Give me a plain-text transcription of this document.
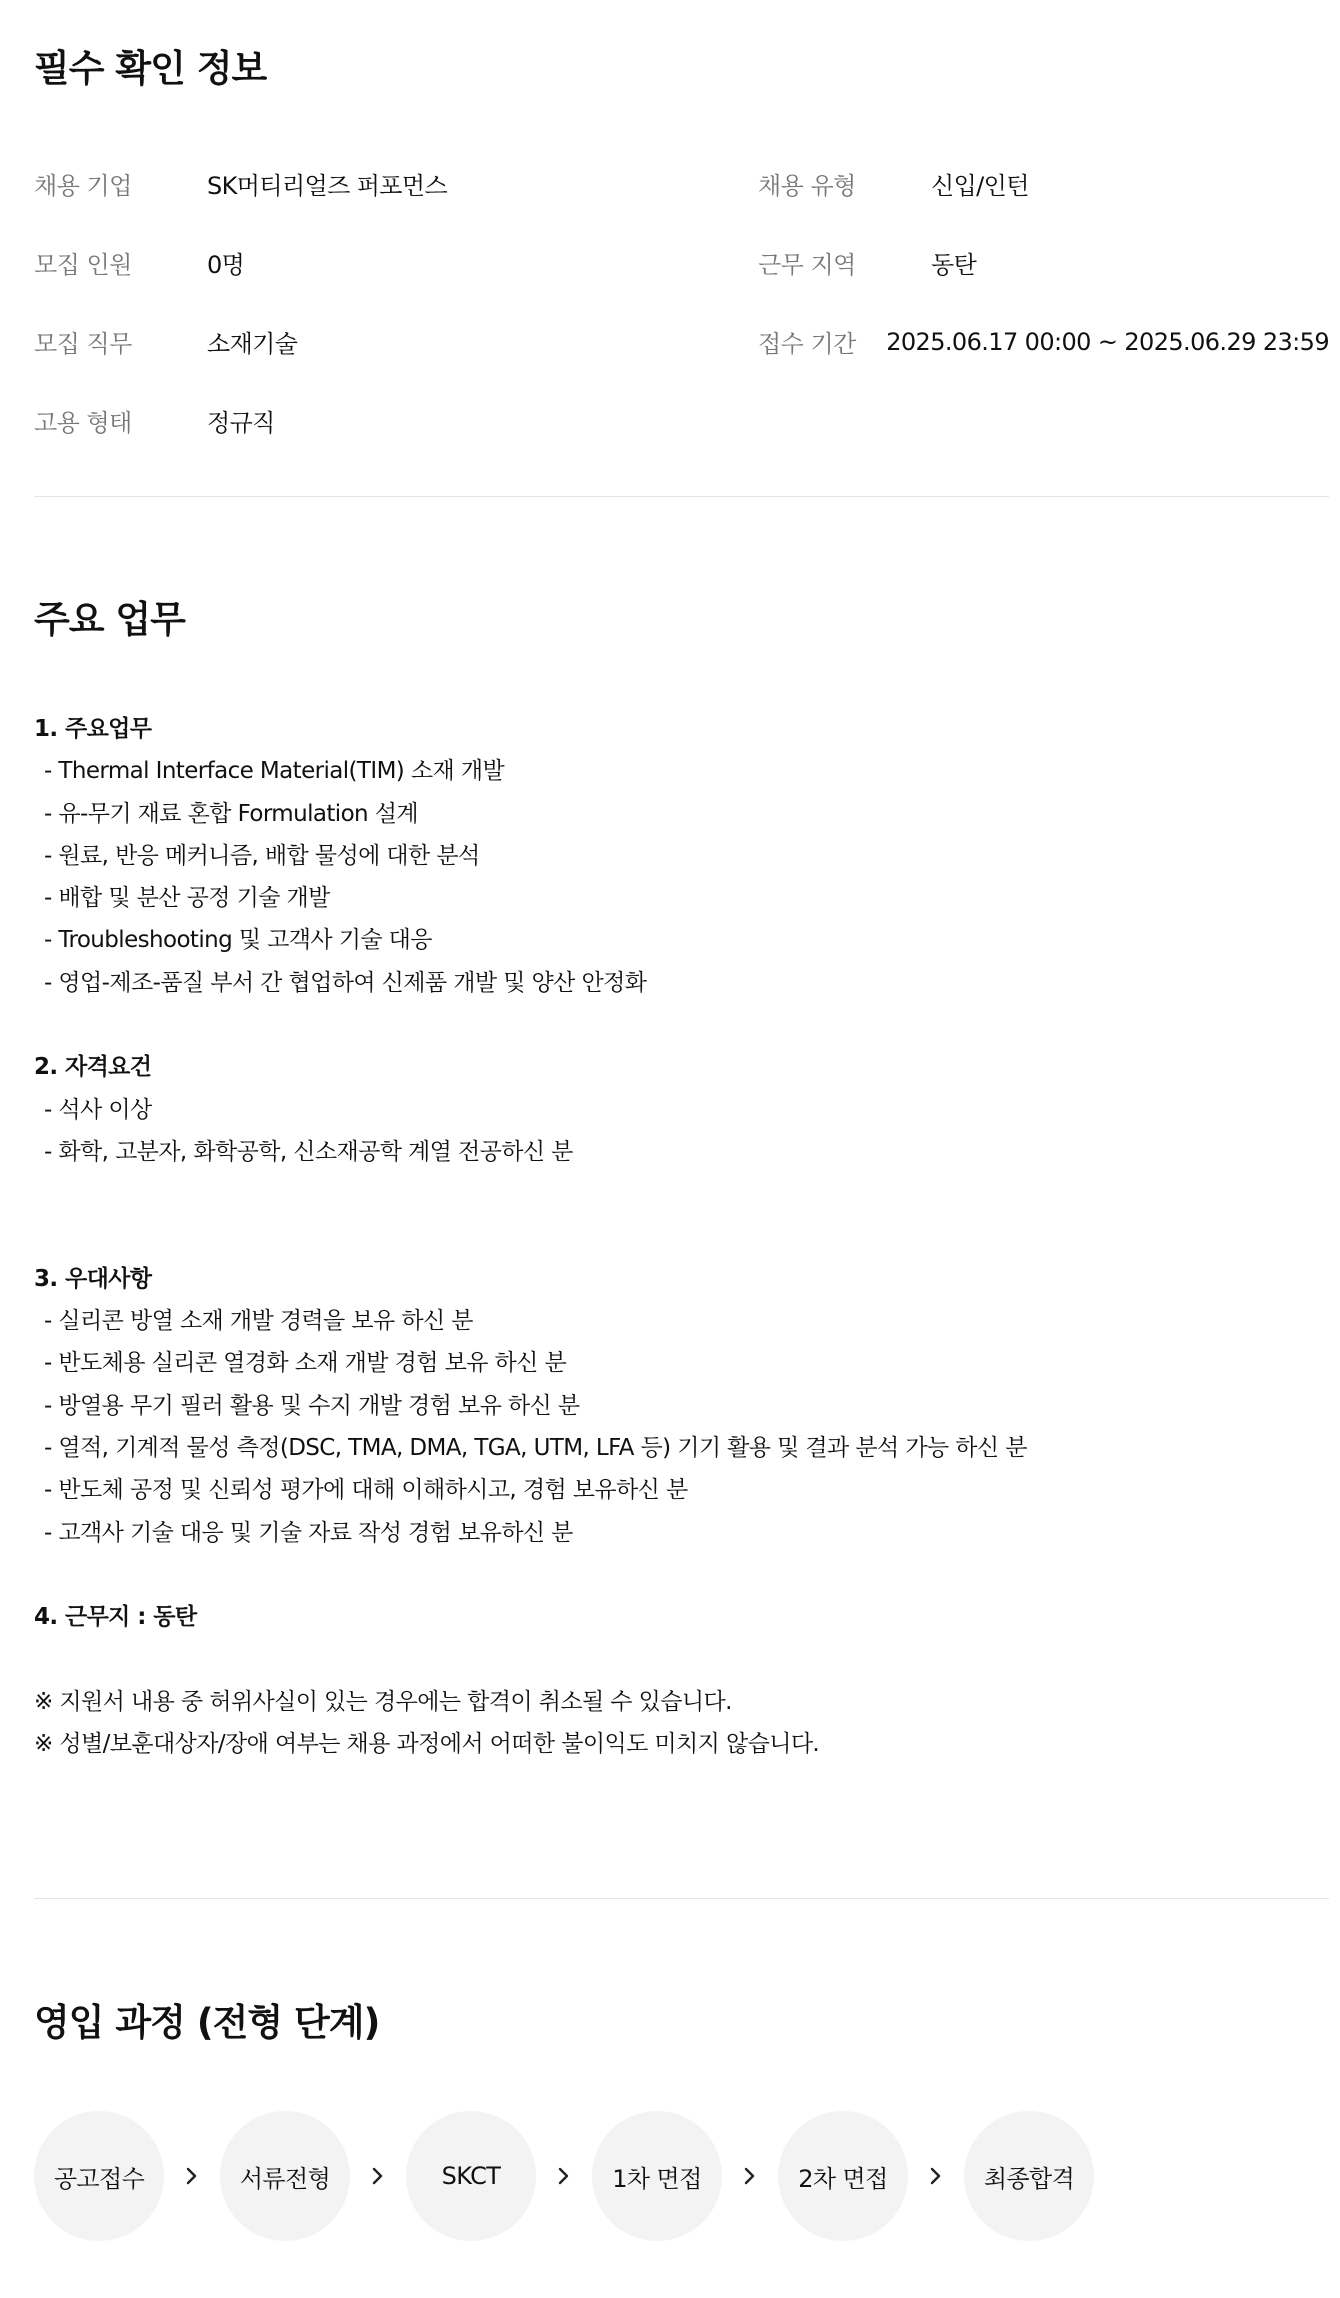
필수 확인 정보
채용 기업	SK머티리얼즈 퍼포먼스	채용 유형	신입/인턴
모집 인원	0명	근무 지역	동탄
모집 직무	소재기술	접수 기간	2025.06.17 00:00 ~ 2025.06.29 23:59
고용 형태	정규직
주요 업무
1. 주요업무
- Thermal Interface Material(TIM) 소재 개발
- 유-무기 재료 혼합 Formulation 설계
- 원료, 반응 메커니즘, 배합 물성에 대한 분석
- 배합 및 분산 공정 기술 개발
- Troubleshooting 및 고객사 기술 대응
- 영업-제조-품질 부서 간 협업하여 신제품 개발 및 양산 안정화
2. 자격요건
- 석사 이상
- 화학, 고분자, 화학공학, 신소재공학 계열 전공하신 분
3. 우대사항
- 실리콘 방열 소재 개발 경력을 보유 하신 분
- 반도체용 실리콘 열경화 소재 개발 경험 보유 하신 분
- 방열용 무기 필러 활용 및 수지 개발 경험 보유 하신 분
- 열적, 기계적 물성 측정(DSC, TMA, DMA, TGA, UTM, LFA 등) 기기 활용 및 결과 분석 가능 하신 분
- 반도체 공정 및 신뢰성 평가에 대해 이해하시고, 경험 보유하신 분
- 고객사 기술 대응 및 기술 자료 작성 경험 보유하신 분
4. 근무지 : 동탄
※ 지원서 내용 중 허위사실이 있는 경우에는 합격이 취소될 수 있습니다.
※ 성별/보훈대상자/장애 여부는 채용 과정에서 어떠한 불이익도 미치지 않습니다.
영입 과정 (전형 단계)
공고접수	서류전형	SKCT	1차 면접	2차 면접	최종합격
